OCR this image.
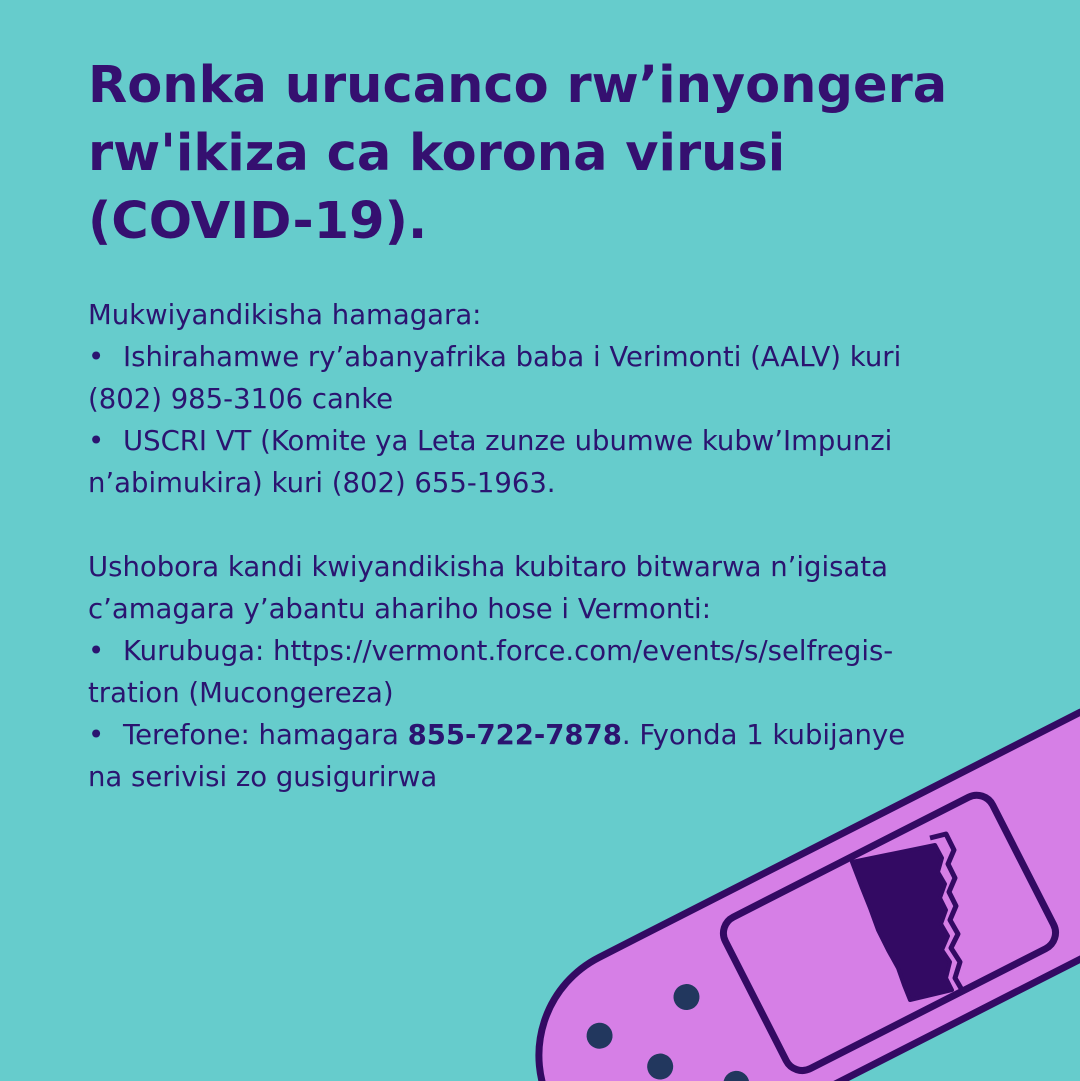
Ronka urucanco rw’inyongera
rw'ikiza ca korona virusi
(COVID-19).
Mukwiyandikisha hamagara:
• Ishirahamwe ry’abanyafrika baba i Verimonti (AALV) kuri
(802) 985-3106 canke
• USCRI VT (Komite ya Leta zunze ubumwe kubw’Impunzi
n’abimukira) kuri (802) 655-1963.
Ushobora kandi kwiyandikisha kubitaro bitwarwa n’igisata
c’amagara y’abantu ahariho hose i Vermonti:
• Kurubuga: https://vermont.force.com/events/s/selfregis-
tration (Mucongereza)
• Terefone: hamagara 855-722-7878. Fyonda 1 kubijanye
na serivisi zo gusigurirwa
